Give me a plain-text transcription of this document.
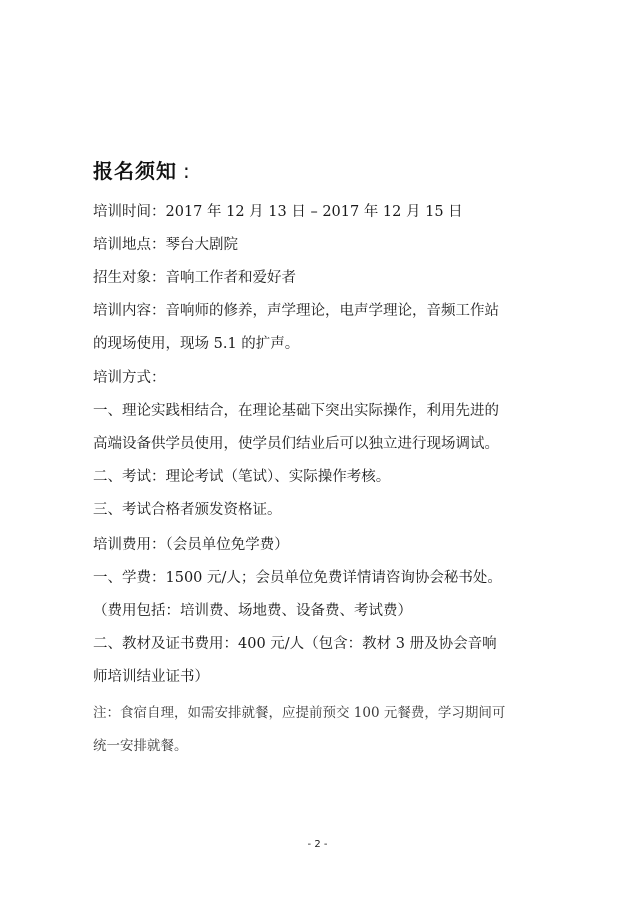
报名须知 :
培训时间：2017 年 12 月 13 日 – 2017 年 12 月 15 日
培训地点：琴台大剧院
招生对象：音响工作者和爱好者
培训内容：音响师的修养，声学理论，电声学理论，音频工作站
的现场使用，现场 5.1 的扩声。
培训方式：
一、理论实践相结合，在理论基础下突出实际操作，利用先进的
高端设备供学员使用，使学员们结业后可以独立进行现场调试。
二、考试：理论考试（笔试）、实际操作考核。
三、考试合格者颁发资格证。
培训费用：（会员单位免学费）
一、学费：1500 元/人；会员单位免费详情请咨询协会秘书处。
（费用包括：培训费、场地费、设备费、考试费）
二、教材及证书费用：400 元/人（包含：教材 3 册及协会音响
师培训结业证书）
注：食宿自理，如需安排就餐，应提前预交 100 元餐费，学习期间可
统一安排就餐。
- 2 -
